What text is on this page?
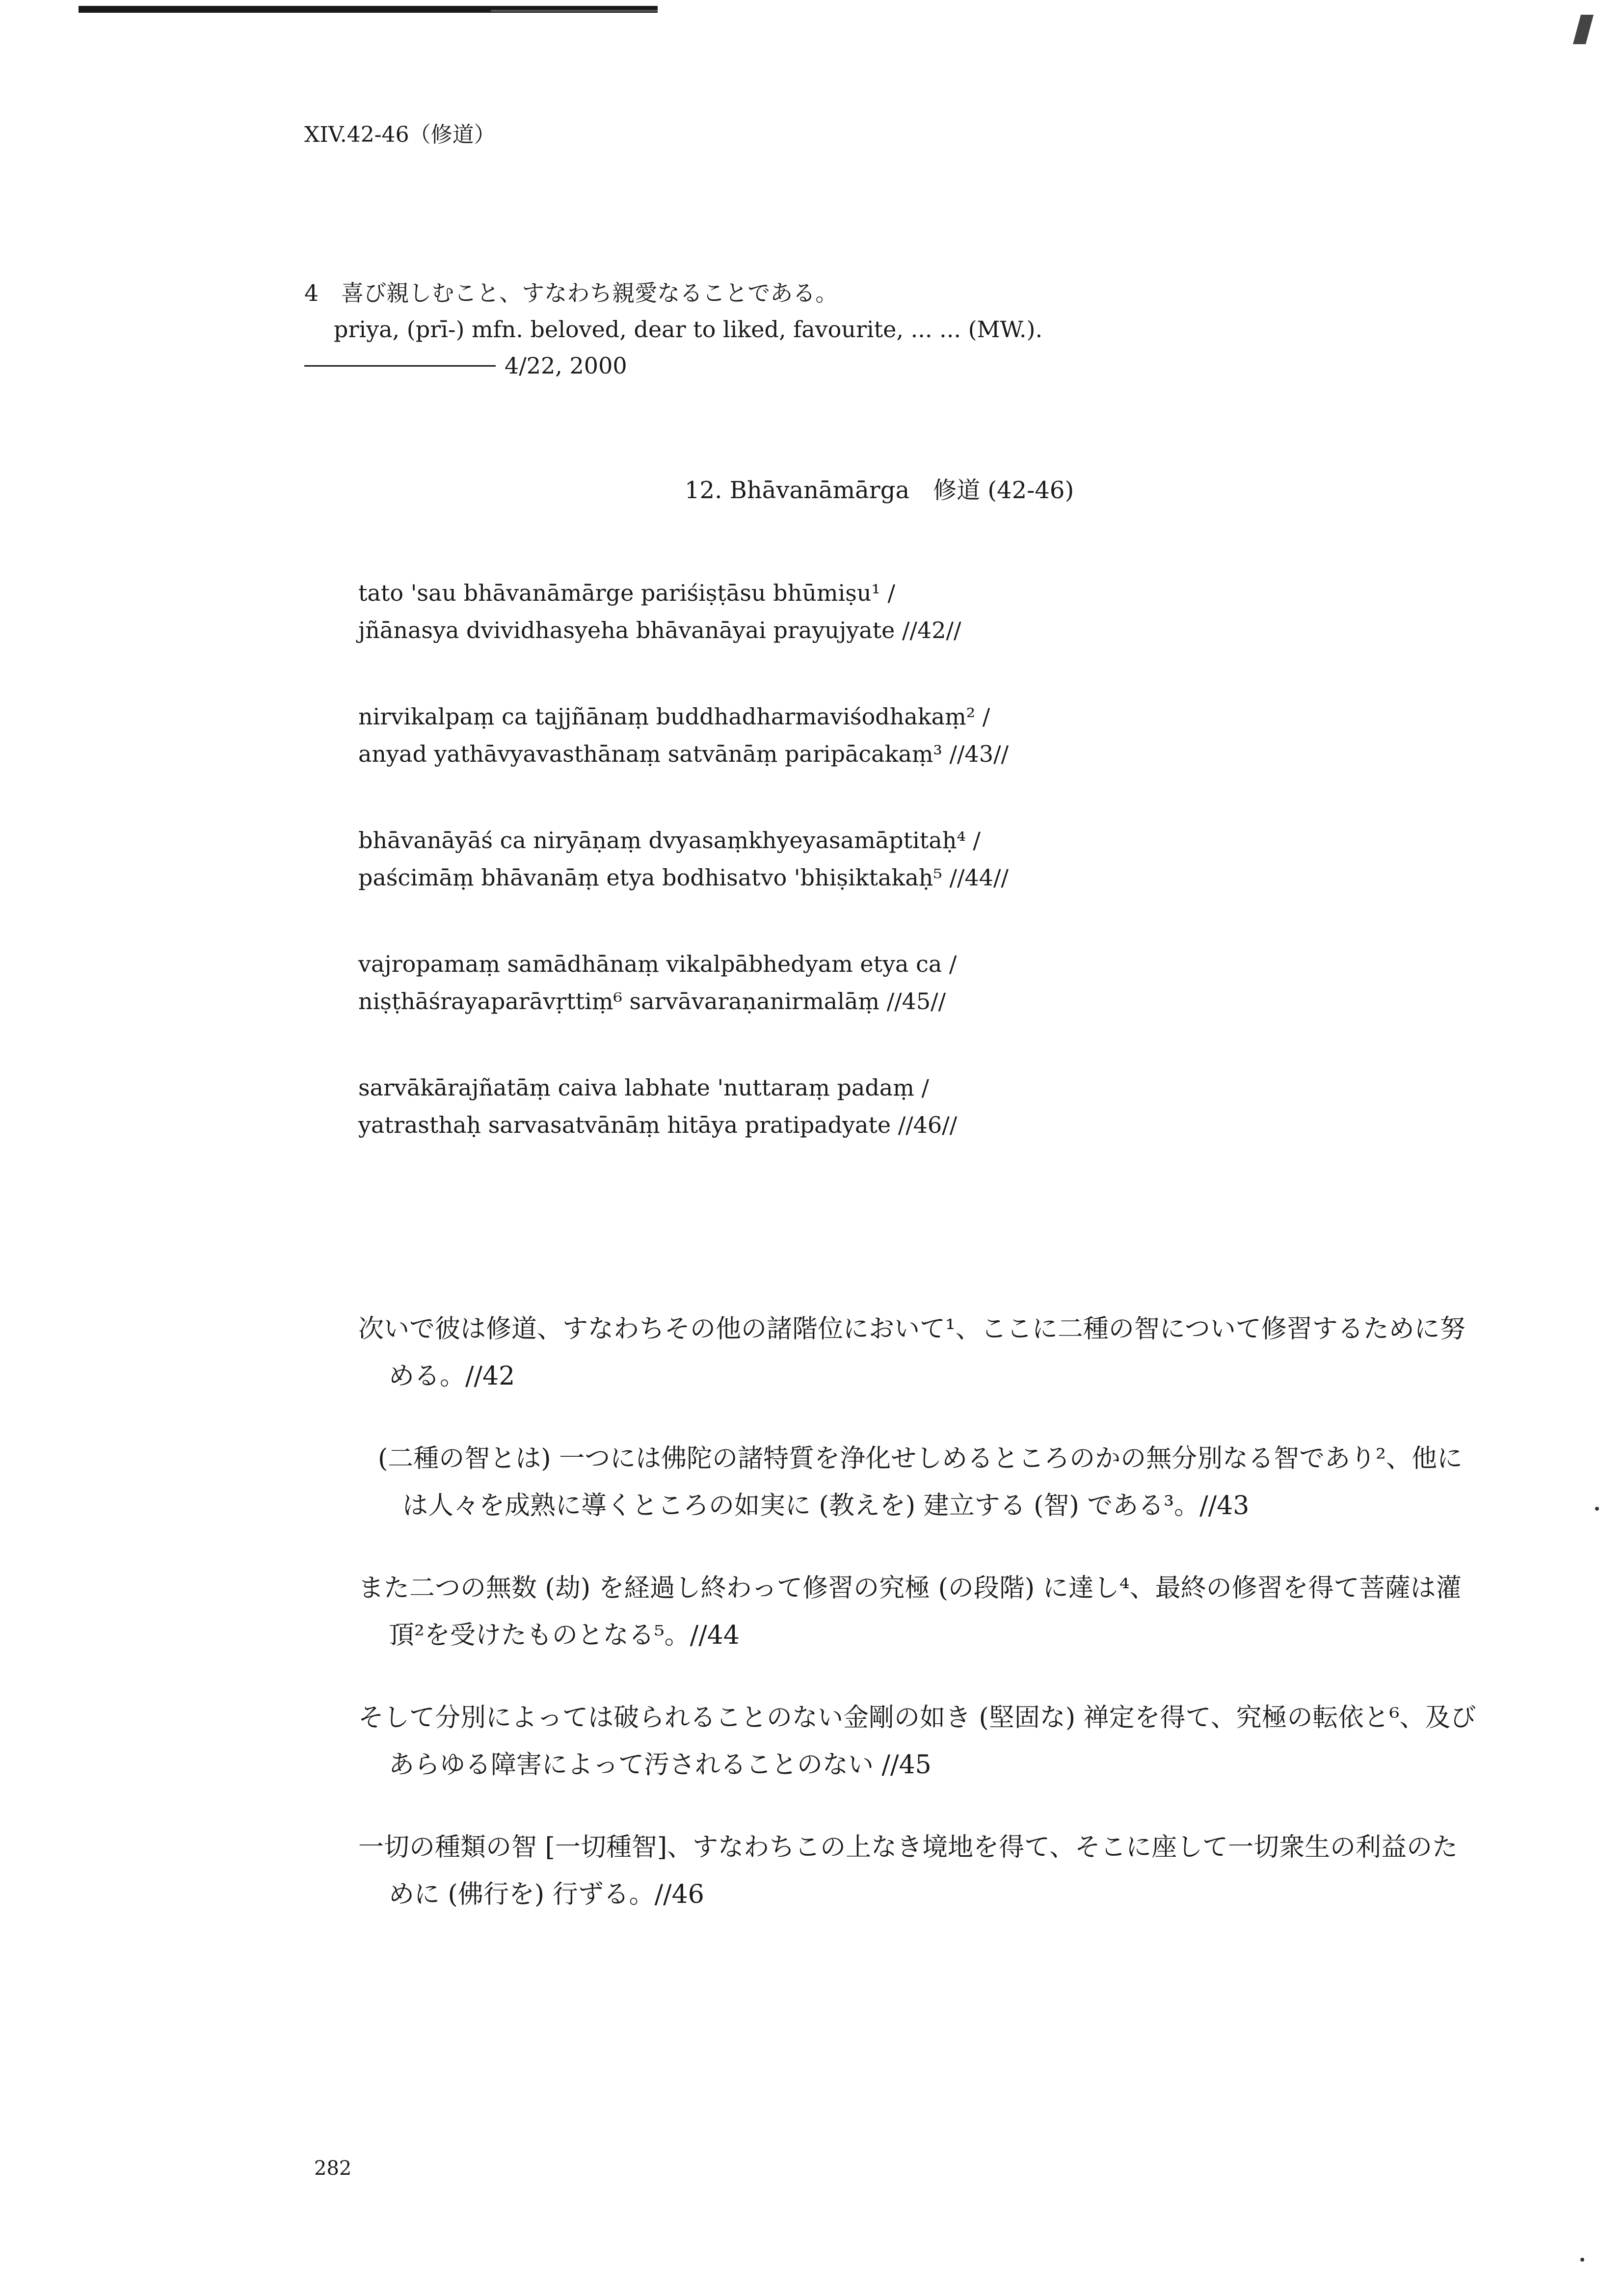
XIV.42-46（修道）
4　喜び親しむこと、すなわち親愛なることである。
priya, (prī-) mfn. beloved, dear to liked, favourite, ... ... (MW.).
4/22, 2000
12. Bhāvanāmārga　修道 (42-46)

tato 'sau bhāvanāmārge pariśiṣṭāsu bhūmiṣu¹ /

jñānasya dvividhasyeha bhāvanāyai prayujyate //42//

nirvikalpaṃ ca tajjñānaṃ buddhadharmaviśodhakaṃ² /

anyad yathāvyavasthānaṃ satvānāṃ paripācakaṃ³ //43//

bhāvanāyāś ca niryāṇaṃ dvyasaṃkhyeyasamāptitaḥ⁴ /

paścimāṃ bhāvanāṃ etya bodhisatvo 'bhiṣiktakaḥ⁵ //44//

vajropamaṃ samādhānaṃ vikalpābhedyam etya ca /

niṣṭhāśrayaparāvṛttiṃ⁶ sarvāvaraṇanirmalāṃ //45//

sarvākārajñatāṃ caiva labhate 'nuttaraṃ padaṃ /

yatrasthaḥ sarvasatvānāṃ hitāya pratipadyate //46//

次いで彼は修道、すなわちその他の諸階位において¹、ここに二種の智について修習するために努める。//42

(二種の智とは) 一つには佛陀の諸特質を浄化せしめるところのかの無分別なる智であり²、他には人々を成熟に導くところの如実に (教えを) 建立する (智) である³。//43

また二つの無数 (劫) を経過し終わって修習の究極 (の段階) に達し⁴、最終の修習を得て菩薩は灌頂²を受けたものとなる⁵。//44

そして分別によっては破られることのない金剛の如き (堅固な) 禅定を得て、究極の転依と⁶、及びあらゆる障害によって汚されることのない //45

一切の種類の智 [一切種智]、すなわちこの上なき境地を得て、そこに座して一切衆生の利益のために (佛行を) 行ずる。//46

282
